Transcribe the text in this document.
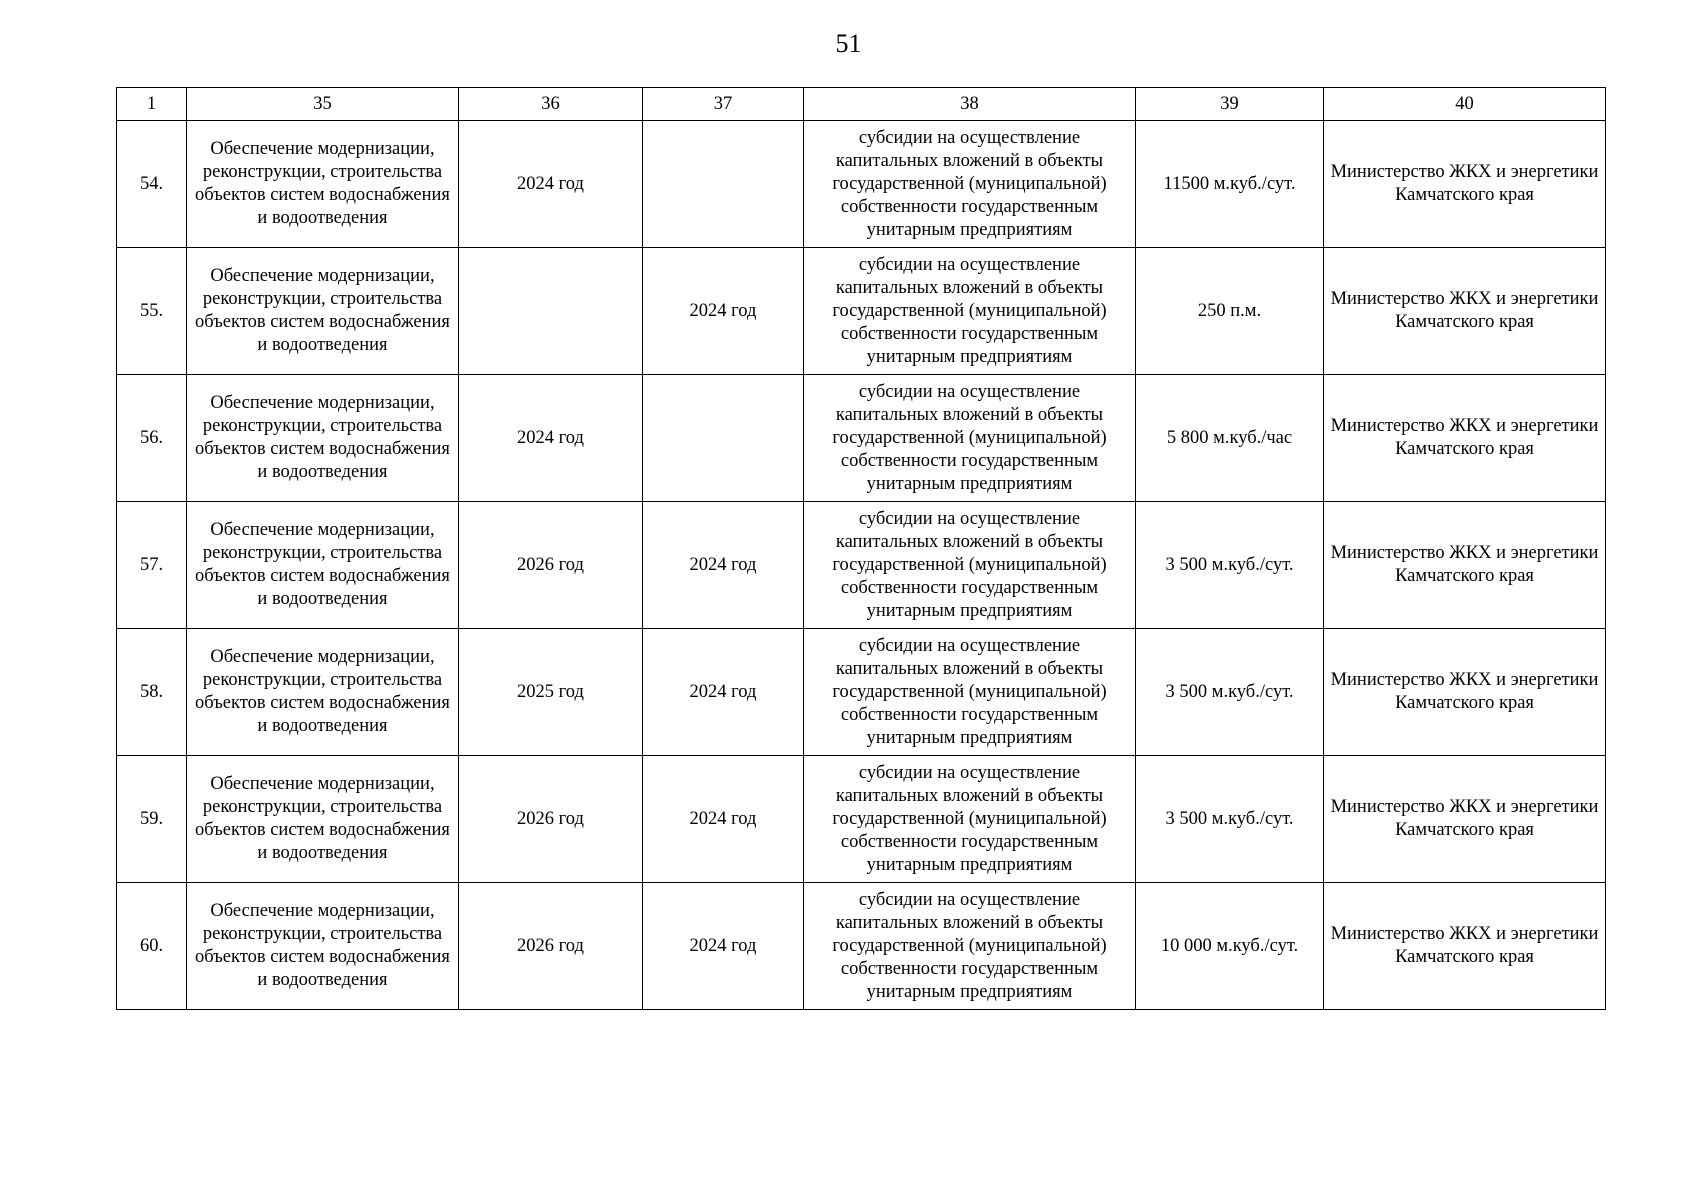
51
1	35	36	37	38	39	40
54.	Обеспечение модернизации, реконструкции, строительства объектов систем водоснабжения и водоотведения	2024 год		субсидии на осуществление капитальных вложений в объекты государственной (муниципальной) собственности государственным унитарным предприятиям	11500 м.куб./сут.	Министерство ЖКХ и энергетики Камчатского края
55.	Обеспечение модернизации, реконструкции, строительства объектов систем водоснабжения и водоотведения		2024 год	субсидии на осуществление капитальных вложений в объекты государственной (муниципальной) собственности государственным унитарным предприятиям	250 п.м.	Министерство ЖКХ и энергетики Камчатского края
56.	Обеспечение модернизации, реконструкции, строительства объектов систем водоснабжения и водоотведения	2024 год		субсидии на осуществление капитальных вложений в объекты государственной (муниципальной) собственности государственным унитарным предприятиям	5 800 м.куб./час	Министерство ЖКХ и энергетики Камчатского края
57.	Обеспечение модернизации, реконструкции, строительства объектов систем водоснабжения и водоотведения	2026 год	2024 год	субсидии на осуществление капитальных вложений в объекты государственной (муниципальной) собственности государственным унитарным предприятиям	3 500 м.куб./сут.	Министерство ЖКХ и энергетики Камчатского края
58.	Обеспечение модернизации, реконструкции, строительства объектов систем водоснабжения и водоотведения	2025 год	2024 год	субсидии на осуществление капитальных вложений в объекты государственной (муниципальной) собственности государственным унитарным предприятиям	3 500 м.куб./сут.	Министерство ЖКХ и энергетики Камчатского края
59.	Обеспечение модернизации, реконструкции, строительства объектов систем водоснабжения и водоотведения	2026 год	2024 год	субсидии на осуществление капитальных вложений в объекты государственной (муниципальной) собственности государственным унитарным предприятиям	3 500 м.куб./сут.	Министерство ЖКХ и энергетики Камчатского края
60.	Обеспечение модернизации, реконструкции, строительства объектов систем водоснабжения и водоотведения	2026 год	2024 год	субсидии на осуществление капитальных вложений в объекты государственной (муниципальной) собственности государственным унитарным предприятиям	10 000 м.куб./сут.	Министерство ЖКХ и энергетики Камчатского края
